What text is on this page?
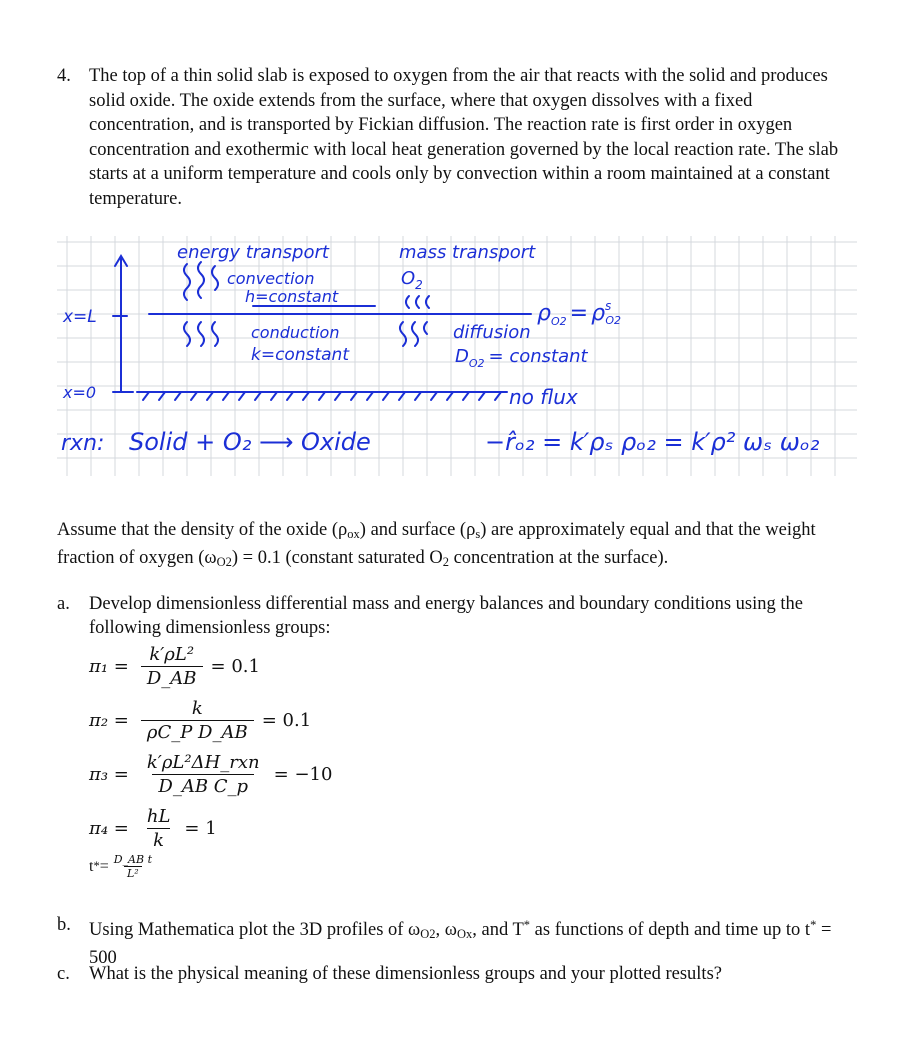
4. The top of a thin solid slab is exposed to oxygen from the air that reacts with the solid and produces solid oxide. The oxide extends from the surface, where that oxygen dissolves with a fixed concentration, and is transported by Fickian diffusion. The reaction rate is first order in oxygen concentration and exothermic with local heat generation governed by the local reaction rate. The slab starts at a uniform temperature and cools only by convection within a room maintained at a constant temperature.
energy transport
convection
h=constant
conduction
k=constant
mass transport
$O_2$
diffusion
$D_{O2}$ = constant
$\rho_{O2} = \rho^s$ O2
x=L
x=0	no flux
rxn: Solid + O₂ ⟶ Oxide	−r̂ₒ₂ = k′ρₛ ρₒ₂ = k′ρ² ωₛ ωₒ₂
Assume that the density of the oxide $(\rho_{ox})$ and surface $(\rho_s)$ are approximately equal and that the weight fraction of oxygen $(\omega_{O2}) = 0.1$ (constant saturated $O_2$ concentration at the surface).
a. Develop dimensionless differential mass and energy balances and boundary conditions using the following dimensionless groups:
$\pi_1 = \frac{\text{k′ρL²}}{D\_AB} = 0.1$
$\pi_2 = \frac{k}{\text{ρC\_P D\_AB}} = 0.1$
$\pi_3 = \frac{\text{k′ρL²ΔH\_rxn}}{\text{D\_AB C\_p}} = -10$
$\pi_4 = \frac{hL}{k} = 1$
t * = $\frac{\text{D\_AB t}}{\text{L²}}$
b. Using Mathematica plot the 3D profiles of $\omega_{O2}$, $\omega_{Ox}$, and T* as functions of depth and time up to t* = 500
c. What is the physical meaning of these dimensionless groups and your plotted results?
